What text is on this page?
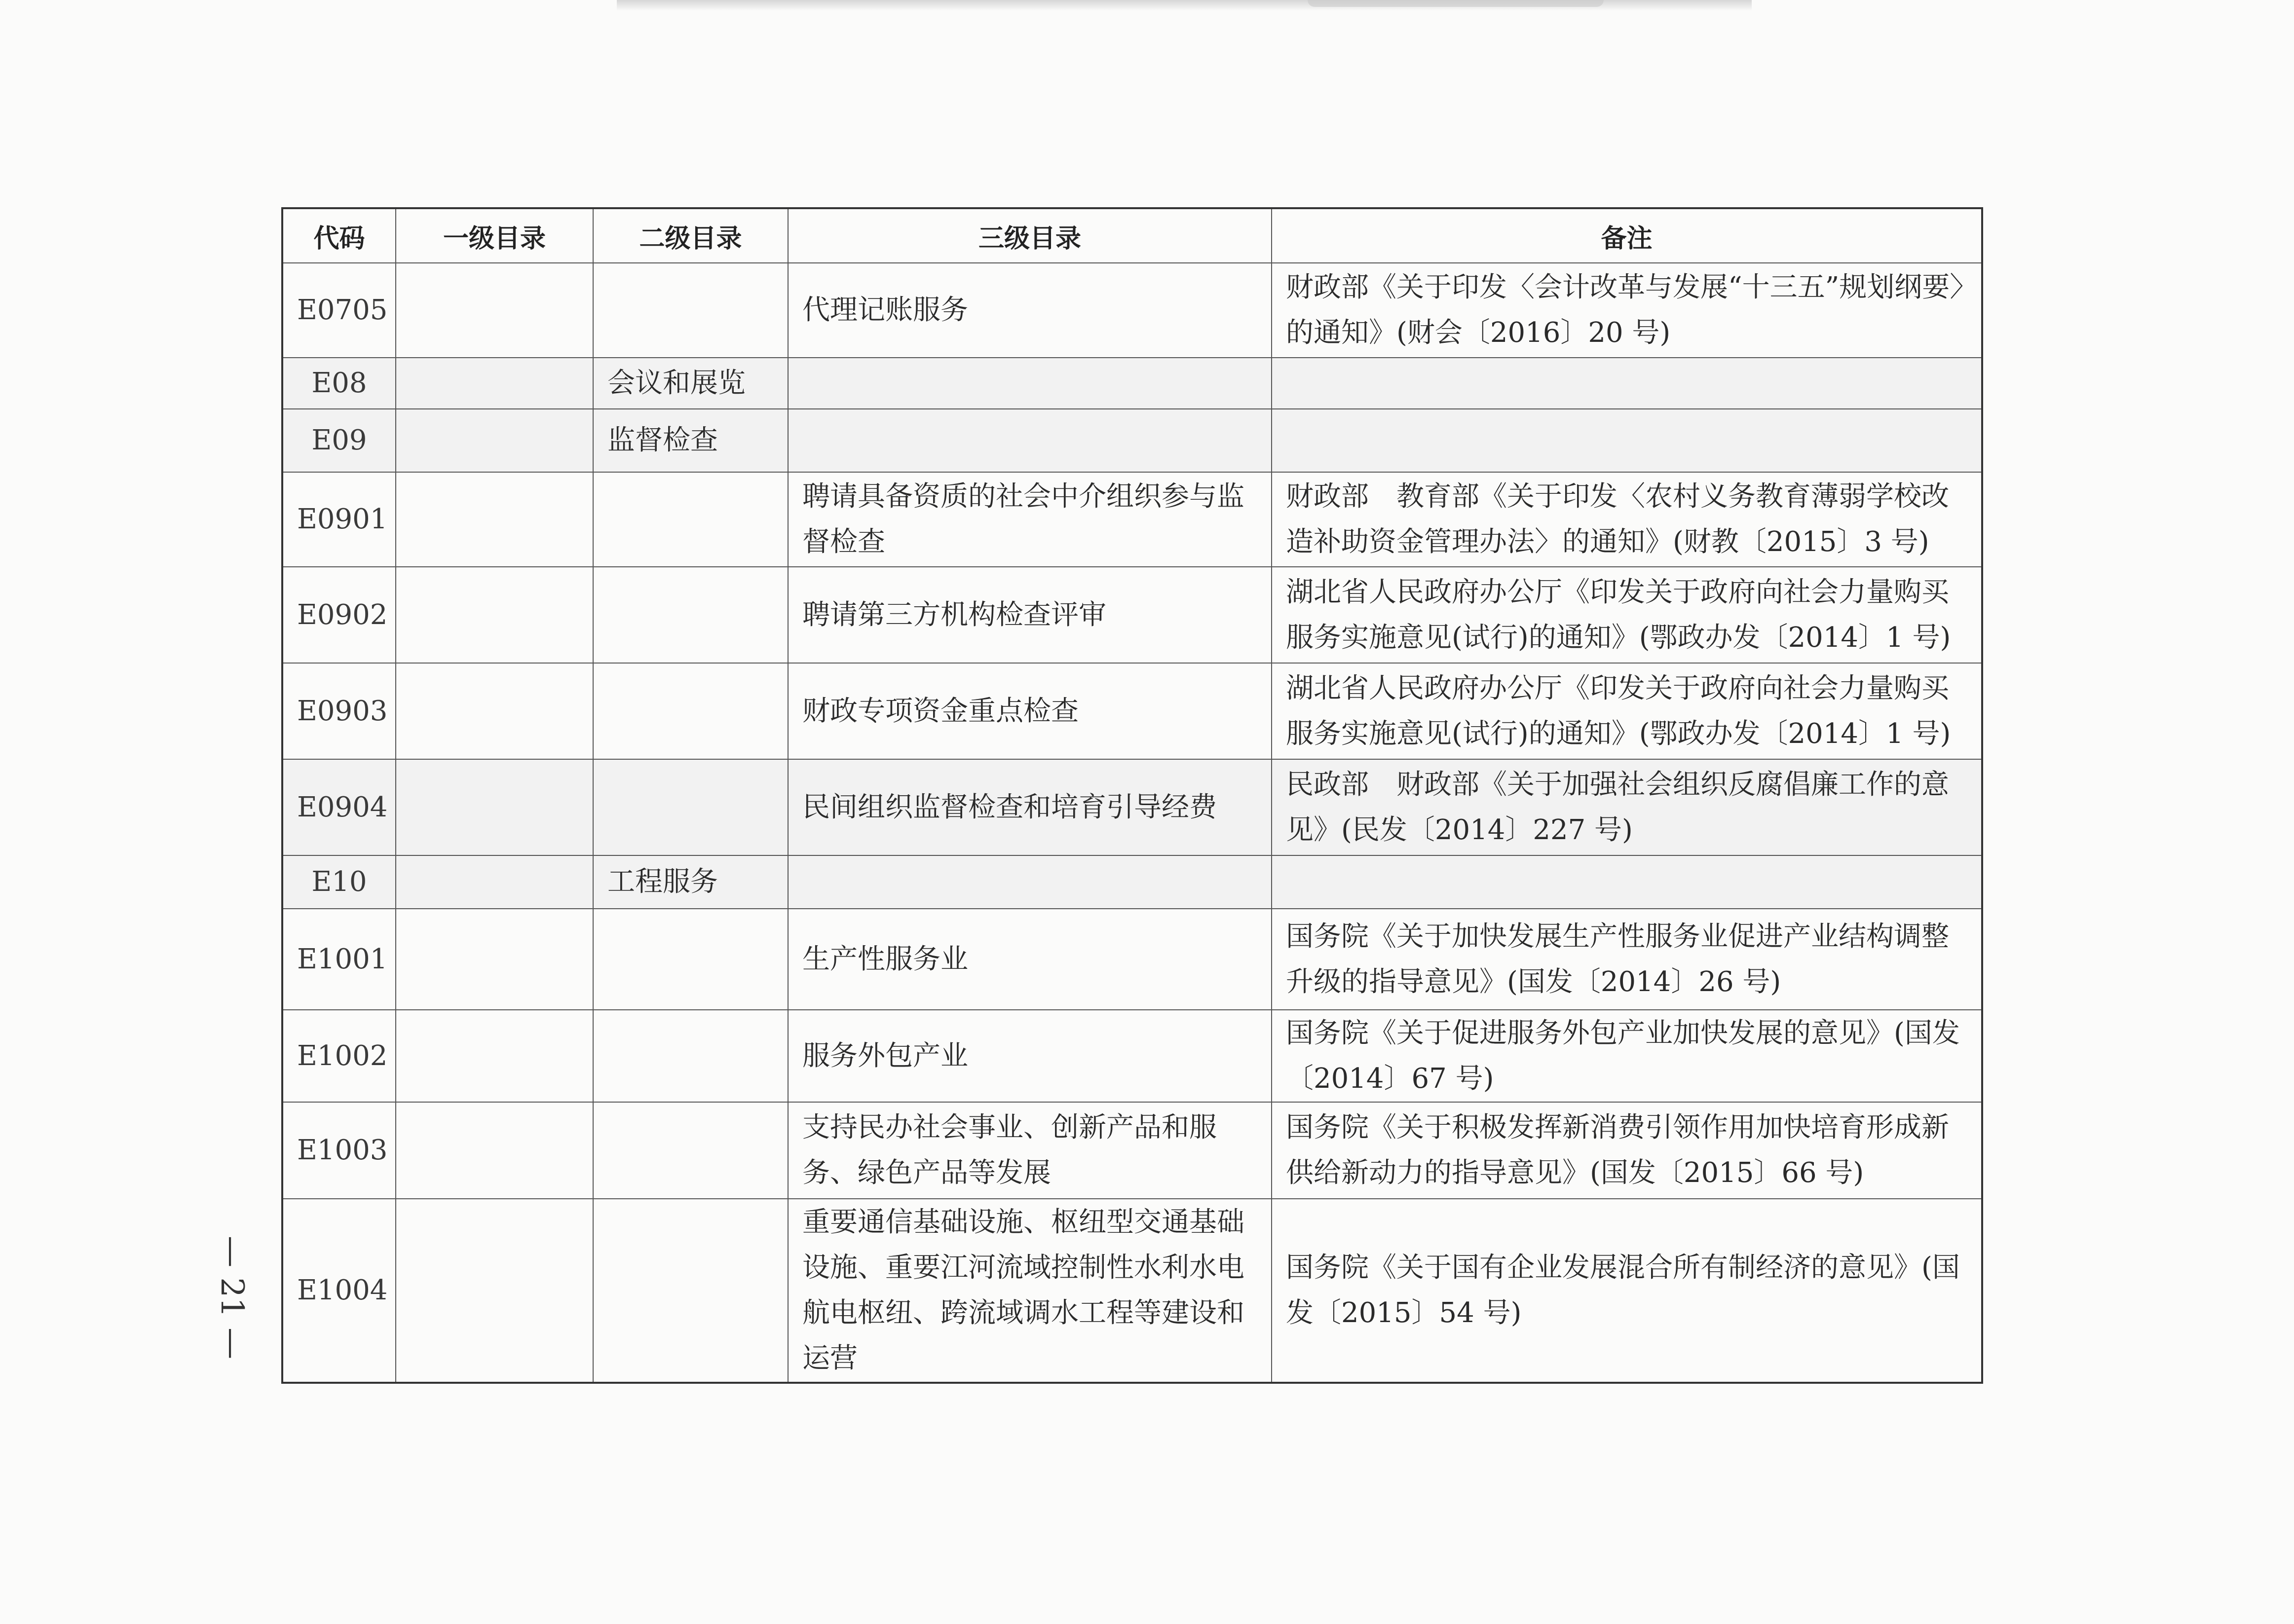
代码	一级目录	二级目录	三级目录	备注
E0705			代理记账服务	财政部《关于印发〈会计改革与发展“十三五”规划纲要〉的通知》(财会〔2016〕20 号)
E08		会议和展览		
E09		监督检查		
E0901			聘请具备资质的社会中介组织参与监督检查	财政部　教育部《关于印发〈农村义务教育薄弱学校改造补助资金管理办法〉的通知》(财教〔2015〕3 号)
E0902			聘请第三方机构检查评审	湖北省人民政府办公厅《印发关于政府向社会力量购买服务实施意见(试行)的通知》(鄂政办发〔2014〕1 号)
E0903			财政专项资金重点检查	湖北省人民政府办公厅《印发关于政府向社会力量购买服务实施意见(试行)的通知》(鄂政办发〔2014〕1 号)
E0904			民间组织监督检查和培育引导经费	民政部　财政部《关于加强社会组织反腐倡廉工作的意见》(民发〔2014〕227 号)
E10		工程服务		
E1001			生产性服务业	国务院《关于加快发展生产性服务业促进产业结构调整升级的指导意见》(国发〔2014〕26 号)
E1002			服务外包产业	国务院《关于促进服务外包产业加快发展的意见》(国发〔2014〕67 号)
E1003			支持民办社会事业、创新产品和服务、绿色产品等发展	国务院《关于积极发挥新消费引领作用加快培育形成新供给新动力的指导意见》(国发〔2015〕66 号)
E1004			重要通信基础设施、枢纽型交通基础设施、重要江河流域控制性水利水电航电枢纽、跨流域调水工程等建设和运营	国务院《关于国有企业发展混合所有制经济的意见》(国发〔2015〕54 号)
— 21 —
